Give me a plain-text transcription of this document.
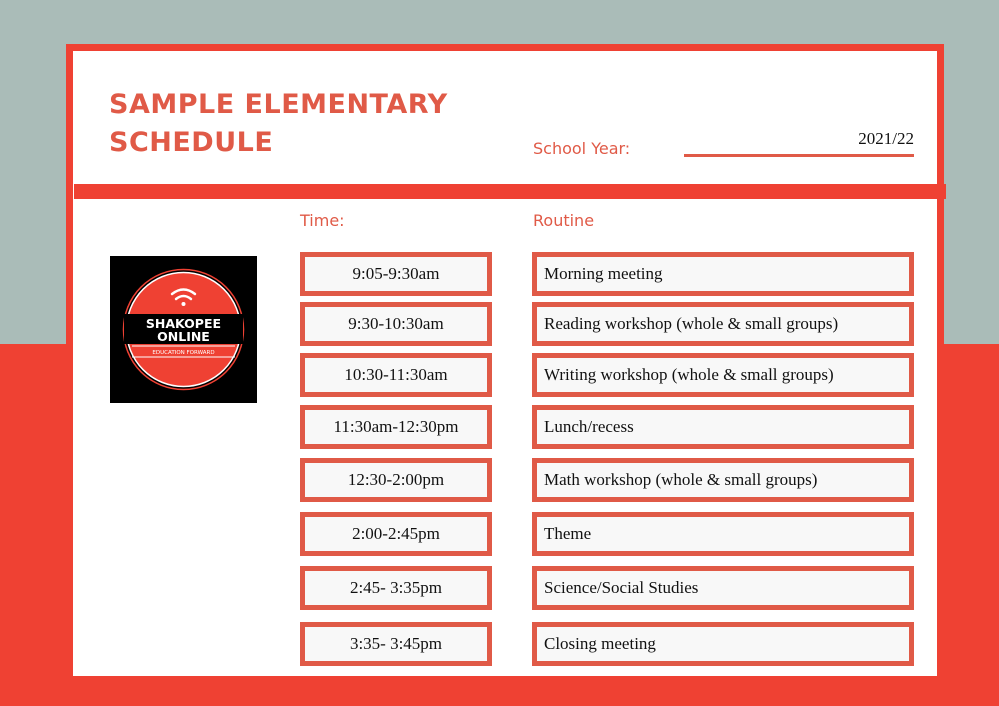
SAMPLE ELEMENTARY
SCHEDULE	School Year:
2021/22
Time:	Routine
SHAKOPEE
ONLINE
EDUCATION FORWARD
9:05-9:30am
9:30-10:30am
10:30-11:30am
11:30am-12:30pm
12:30-2:00pm
2:00-2:45pm
2:45- 3:35pm
3:35- 3:45pm
Morning meeting
Reading workshop (whole & small groups)
Writing workshop (whole & small groups)
Lunch/recess
Math workshop (whole & small groups)
Theme
Science/Social Studies
Closing meeting
